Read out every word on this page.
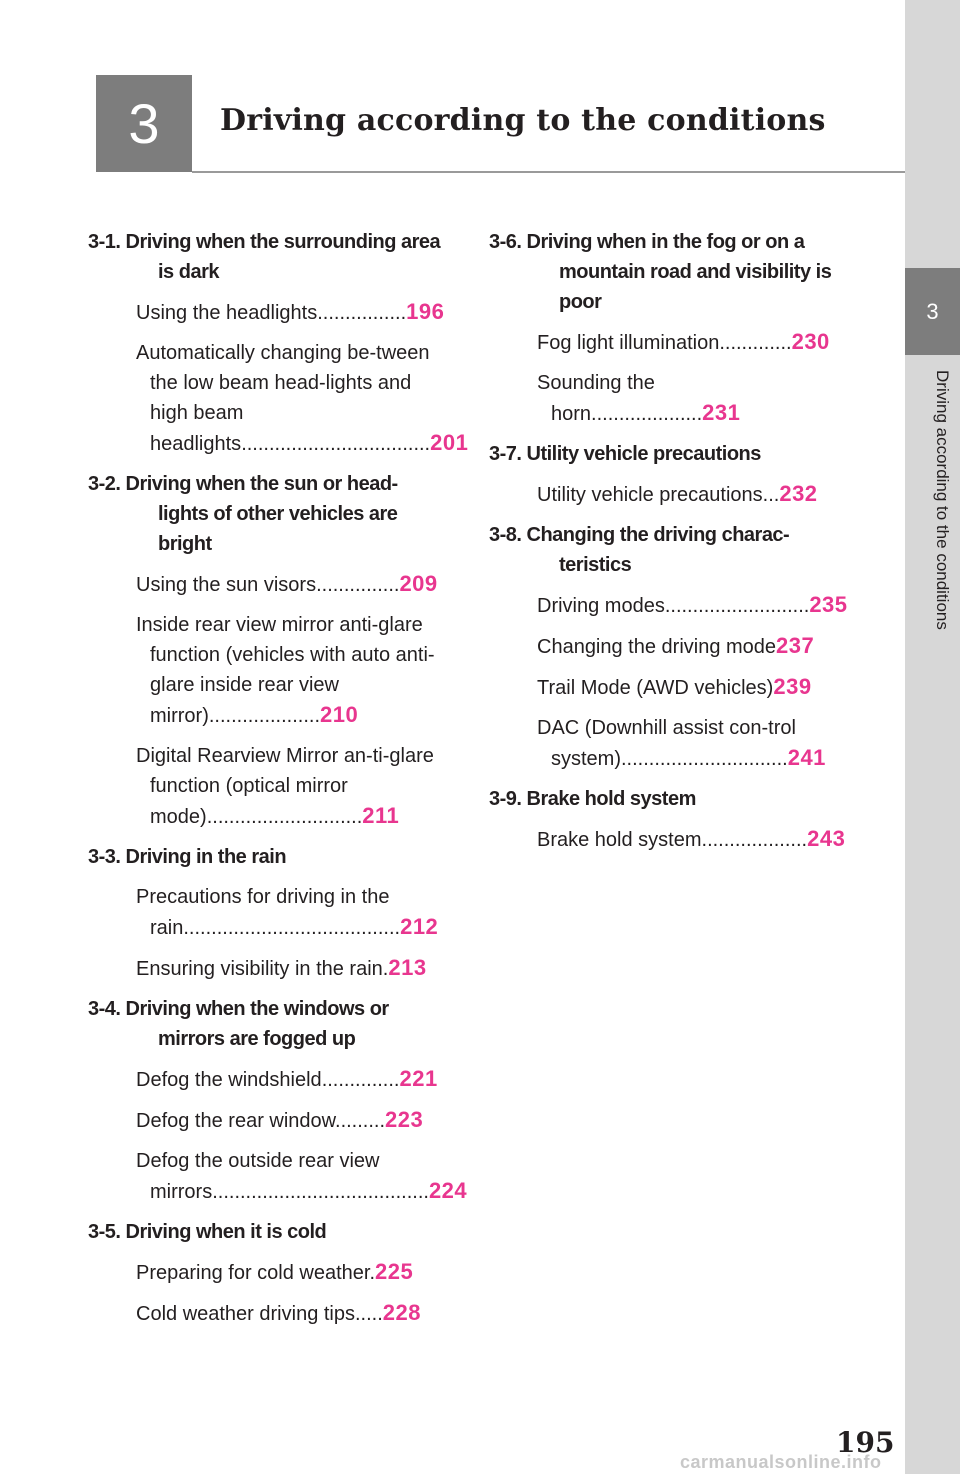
3 Driving according to the conditions
3
Driving according to the conditions
3-1. Driving when the surrounding area is dark
Using the headlights................196
Automatically changing be-tween the low beam head-lights and high beam headlights..................................201
3-2. Driving when the sun or head-lights of other vehicles are bright
Using the sun visors...............209
Inside rear view mirror anti-glare function (vehicles with auto anti-glare inside rear view mirror)....................210
Digital Rearview Mirror an-ti-glare function (optical mirror mode)............................211
3-3. Driving in the rain
Precautions for driving in the rain.......................................212
Ensuring visibility in the rain.213
3-4. Driving when the windows or mirrors are fogged up
Defog the windshield..............221
Defog the rear window.........223
Defog the outside rear view mirrors.......................................224
3-5. Driving when it is cold
Preparing for cold weather.225
Cold weather driving tips.....228
3-6. Driving when in the fog or on a mountain road and visibility is poor
Fog light illumination.............230
Sounding the horn....................231
3-7. Utility vehicle precautions
Utility vehicle precautions...232
3-8. Changing the driving charac-teristics
Driving modes..........................235
Changing the driving mode237
Trail Mode (AWD vehicles)239
DAC (Downhill assist con-trol system)..............................241
3-9. Brake hold system
Brake hold system...................243
195
carmanualsonline.info
